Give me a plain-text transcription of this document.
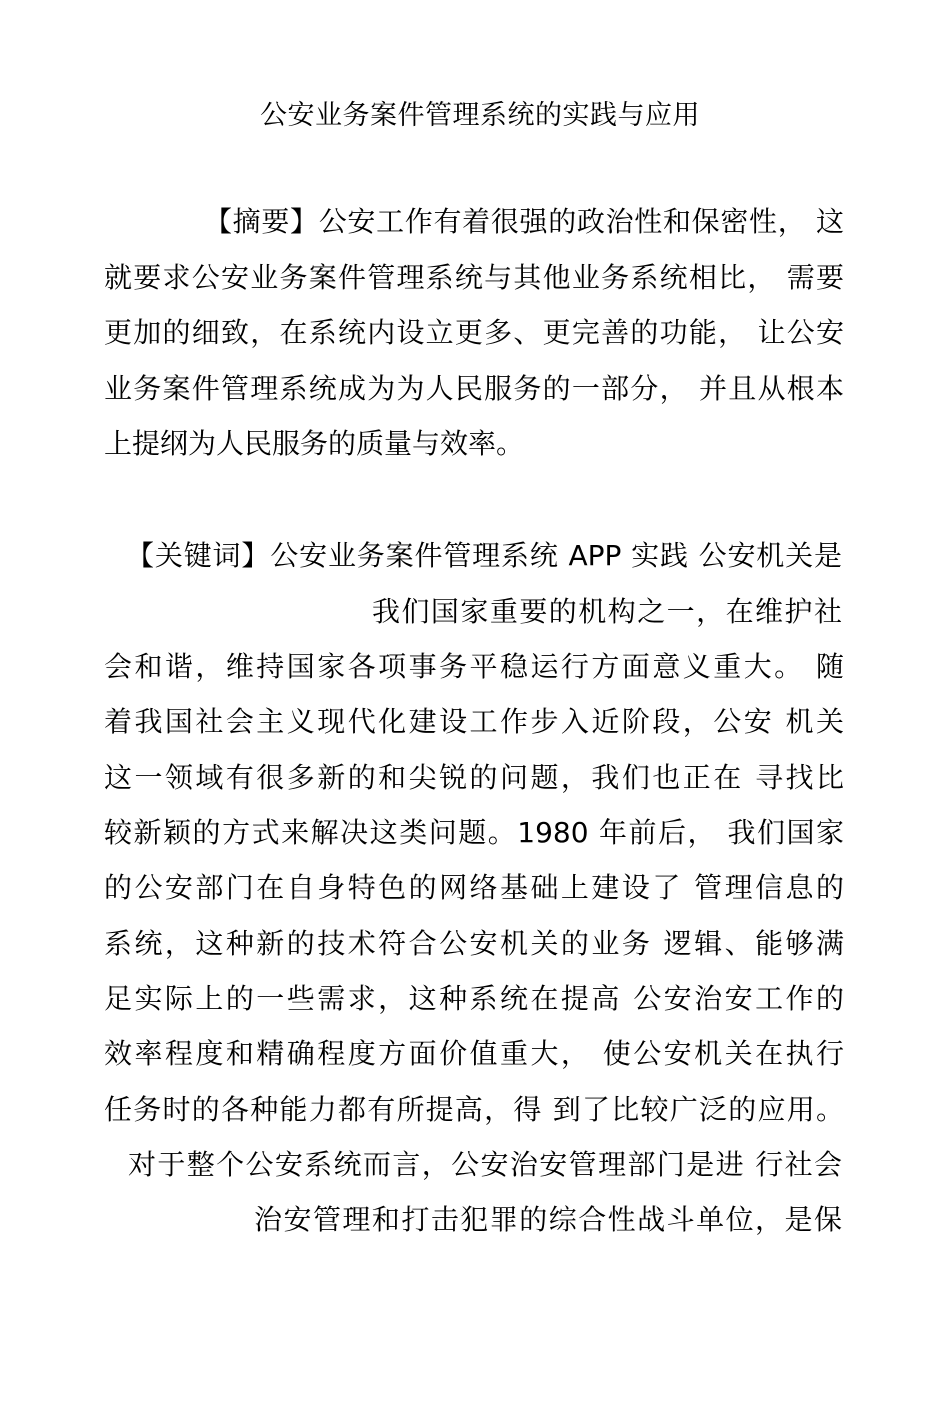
公安业务案件管理系统的实践与应用
【摘要】公安工作有着很强的政治性和保密性， 这
就要求公安业务案件管理系统与其他业务系统相比， 需要
更加的细致，在系统内设立更多、更完善的功能， 让公安
业务案件管理系统成为为人民服务的一部分， 并且从根本
上提纲为人民服务的质量与效率。
【关键词】公安业务案件管理系统 APP 实践 公安机关是
我们国家重要的机构之一，在维护社
会和谐，维持国家各项事务平稳运行方面意义重大。 随
着我国社会主义现代化建设工作步入近阶段，公安 机关
这一领域有很多新的和尖锐的问题，我们也正在 寻找比
较新颖的方式来解决这类问题。1980 年前后， 我们国家
的公安部门在自身特色的网络基础上建设了 管理信息的
系统，这种新的技术符合公安机关的业务 逻辑、能够满
足实际上的一些需求，这种系统在提高 公安治安工作的
效率程度和精确程度方面价值重大， 使公安机关在执行
任务时的各种能力都有所提高，得 到了比较广泛的应用。
对于整个公安系统而言，公安治安管理部门是进 行社会
治安管理和打击犯罪的综合性战斗单位，是保
